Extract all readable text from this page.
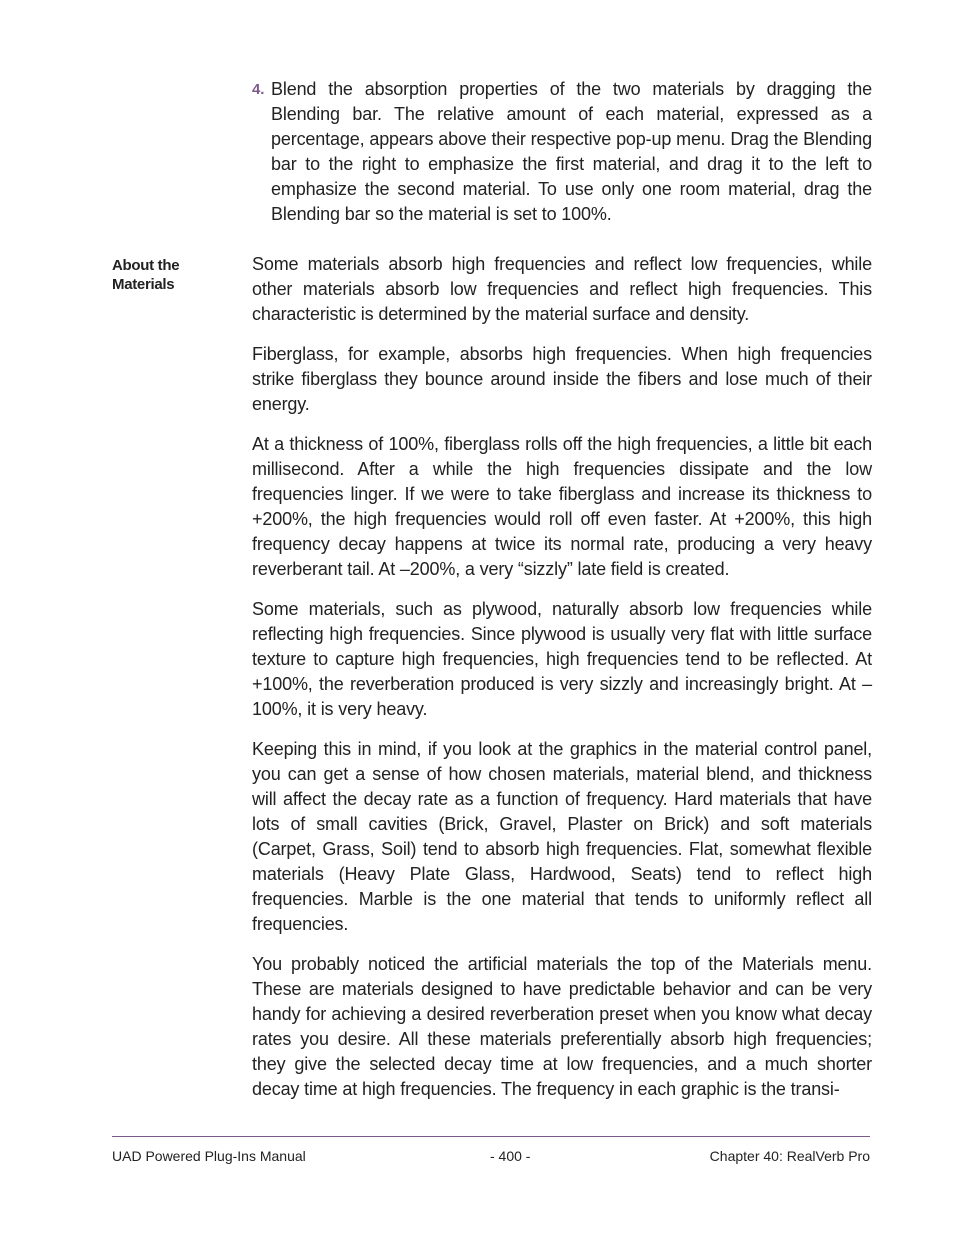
4. Blend the absorption properties of the two materials by dragging the Blending bar. The relative amount of each material, expressed as a percentage, appears above their respective pop-up menu. Drag the Blending bar to the right to emphasize the first material, and drag it to the left to emphasize the second material. To use only one room material, drag the Blending bar so the material is set to 100%.
About the
Materials

Some materials absorb high frequencies and reflect low frequencies, while other materials absorb low frequencies and reflect high frequencies. This characteristic is determined by the material surface and density.

Fiberglass, for example, absorbs high frequencies. When high frequencies strike fiberglass they bounce around inside the fibers and lose much of their energy.

At a thickness of 100%, fiberglass rolls off the high frequencies, a little bit each millisecond. After a while the high frequencies dissipate and the low frequencies linger. If we were to take fiberglass and increase its thickness to +200%, the high frequencies would roll off even faster. At +200%, this high frequency decay happens at twice its normal rate, producing a very heavy reverberant tail. At –200%, a very “sizzly” late field is created.

Some materials, such as plywood, naturally absorb low frequencies while reflecting high frequencies. Since plywood is usually very flat with little surface texture to capture high frequencies, high frequencies tend to be reflected. At +100%, the reverberation produced is very sizzly and increasingly bright. At –100%, it is very heavy.

Keeping this in mind, if you look at the graphics in the material control panel, you can get a sense of how chosen materials, material blend, and thickness will affect the decay rate as a function of frequency. Hard materials that have lots of small cavities (Brick, Gravel, Plaster on Brick) and soft materials (Carpet, Grass, Soil) tend to absorb high frequencies. Flat, somewhat flexible materials (Heavy Plate Glass, Hardwood, Seats) tend to reflect high frequencies. Marble is the one material that tends to uniformly reflect all frequencies.

You probably noticed the artificial materials the top of the Materials menu. These are materials designed to have predictable behavior and can be very handy for achieving a desired reverberation preset when you know what decay rates you desire. All these materials preferentially absorb high frequencies; they give the selected decay time at low frequencies, and a much shorter decay time at high frequencies. The frequency in each graphic is the transi-

UAD Powered Plug-Ins Manual	- 400 -	Chapter 40: RealVerb Pro
